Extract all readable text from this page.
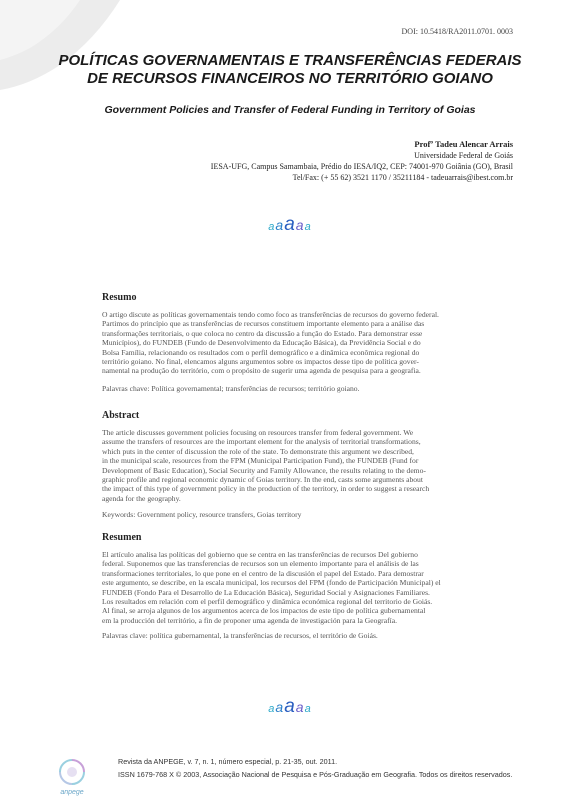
DOI: 10.5418/RA2011.0701. 0003
POLÍTICAS GOVERNAMENTAIS E TRANSFERÊNCIAS FEDERAIS
DE RECURSOS FINANCEIROS NO TERRITÓRIO GOIANO
Government Policies and Transfer of Federal Funding in Territory of Goias
Profº Tadeu Alencar Arrais
Universidade Federal de Goiás
IESA-UFG, Campus Samambaia, Prédio do IESA/IQ2, CEP: 74001-970 Goiânia (GO), Brasil
Tel/Fax: (+ 55 62) 3521 1170 / 35211184 - tadeuarrais@ibest.com.br
aaaaa
Resumo
O artigo discute as políticas governamentais tendo como foco as transferências de recursos do governo federal.
Partimos do princípio que as transferências de recursos constituem importante elemento para a análise das
transformações territoriais, o que coloca no centro da discussão a função do Estado. Para demonstrar esse
Municípios), do FUNDEB (Fundo de Desenvolvimento da Educação Básica), da Previdência Social e do
Bolsa Família, relacionando os resultados com o perfil demográfico e a dinâmica econômica regional do
território goiano. No final, elencamos alguns argumentos sobre os impactos desse tipo de política gover-
namental na produção do território, com o propósito de sugerir uma agenda de pesquisa para a geografia.
Palavras chave: Política governamental; transferências de recursos; território goiano.
Abstract
The article discusses government policies focusing on resources transfer from federal government. We
assume the transfers of resources are the important element for the analysis of territorial transformations,
which puts in the center of discussion the role of the state. To demonstrate this argument we described,
in the municipal scale, resources from the FPM (Municipal Participation Fund), the FUNDEB (Fund for
Development of Basic Education), Social Security and Family Allowance, the results relating to the demo-
graphic profile and regional economic dynamic of Goias territory. In the end, casts some arguments about
the impact of this type of government policy in the production of the territory, in order to suggest a research
agenda for the geography.
Keywords: Government policy, resource transfers, Goias territory
Resumen
El artículo analisa las políticas del gobierno que se centra en las transferências de recursos Del gobierno
federal. Suponemos que las transferencias de recursos son un elemento importante para el análisis de las
transformaciones territoriales, lo que pone en el centro de la discusión el papel del Estado. Para demostrar
este argumento, se describe, en la escala municipal, los recursos del FPM (fondo de Participación Municipal) el
FUNDEB (Fondo Para el Desarrollo de La Educación Básica), Seguridad Social y Asignaciones Familiares.
Los resultados em relación com el perfil demográfico y dinâmica económica regional del territorio de Goiás.
Al final, se arroja algunos de los argumentos acerca de los impactos de este tipo de política gubernamental
em la producción del território, a fin de proponer uma agenda de investigación para la Geografía.
Palavras clave: política gubernamental, la transferências de recursos, el território de Goiás.
aaaaa
anpege
Revista da ANPEGE, v. 7, n. 1, número especial, p. 21-35, out. 2011.
ISSN 1679-768 X © 2003, Associação Nacional de Pesquisa e Pós-Graduação em Geografia. Todos os direitos reservados.
